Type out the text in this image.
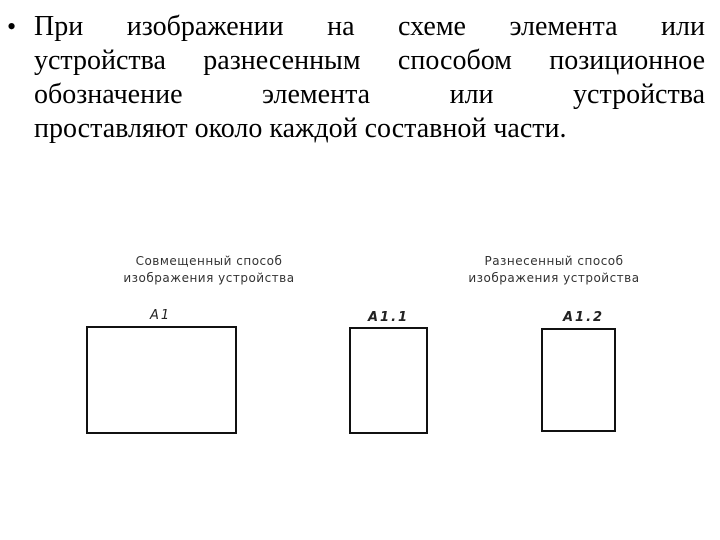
• При изображении на схеме элемента или
устройства разнесенным способом позиционное
обозначение элемента или устройства
проставляют около каждой составной части.
Совмещенный способ
изображения устройства
Разнесенный способ
изображения устройства
A1	A1.1	A1.2
